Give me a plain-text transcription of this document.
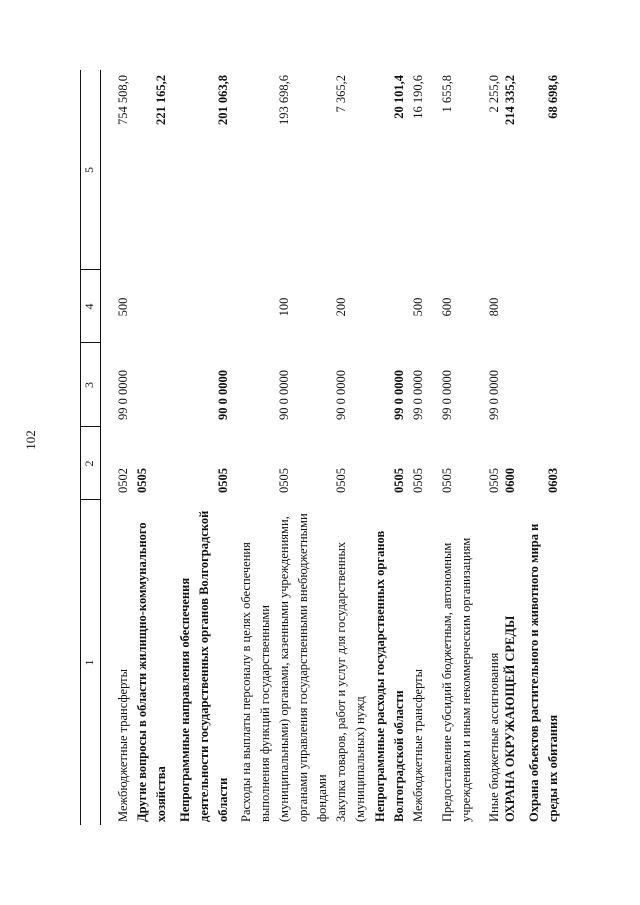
102
1
2
3
4
5
Межбюджетные трансферты
0502
99 0 0000
500
754 508,0
Другие вопросы в области жилищно-коммунального хозяйства
0505
221 165,2
Непрограммные направления обеспечения деятельности государственных органов Волгоградской области
0505
90 0 0000
201 063,8
Расходы на выплаты персоналу в целях обеспечения выполнения функций государственными (муниципальными) органами, казенными учреждениями, органами управления государственными внебюджетными фондами
0505
90 0 0000
100
193 698,6
Закупка товаров, работ и услуг для государственных (муниципальных) нужд
0505
90 0 0000
200
7 365,2
Непрограммные расходы государственных органов Волгоградской области
0505
99 0 0000
20 101,4
Межбюджетные трансферты
0505
99 0 0000
500
16 190,6
Предоставление субсидий бюджетным, автономным учреждениям и иным некоммерческим организациям
0505
99 0 0000
600
1 655,8
Иные бюджетные ассигнования
0505
99 0 0000
800
2 255,0
ОХРАНА ОКРУЖАЮЩЕЙ СРЕДЫ
0600
214 335,2
Охрана объектов растительного и животного мира и среды их обитания
0603
68 698,6
